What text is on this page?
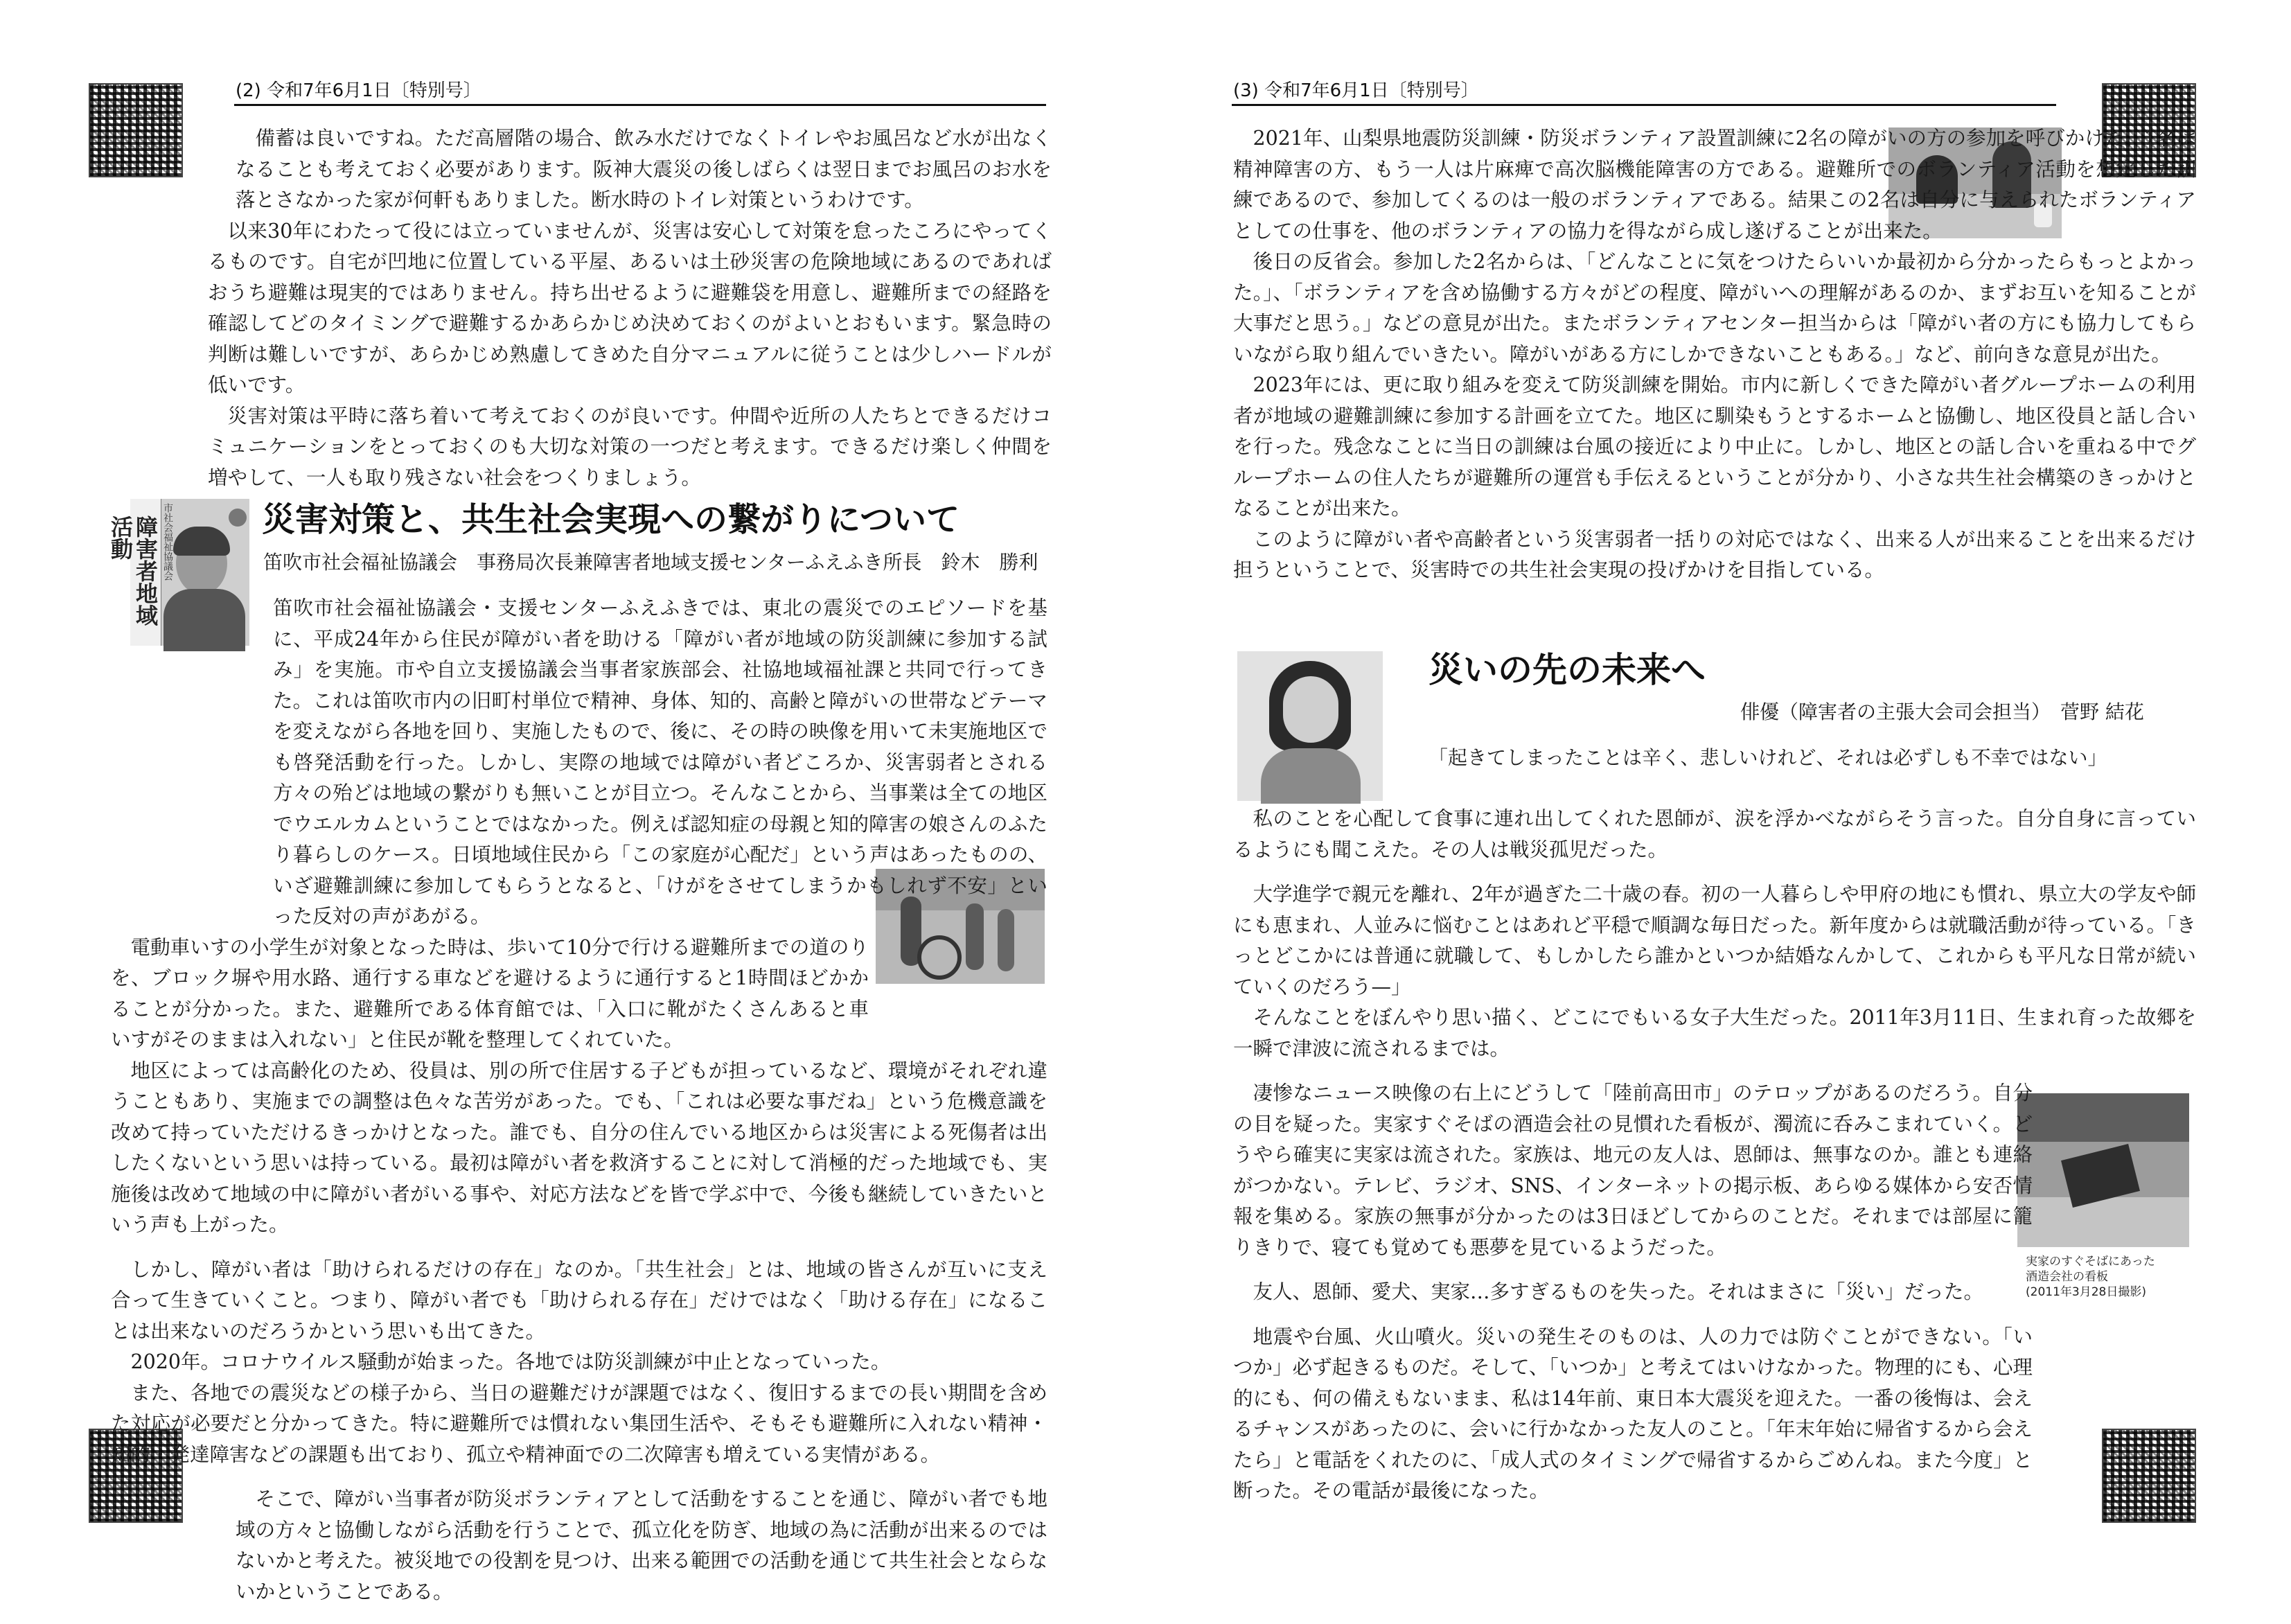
(2) 令和7年6月1日〔特別号〕

備蓄は良いですね。ただ高層階の場合、飲み水だけでなくトイレやお風呂など水が出なくなることも考えておく必要があります。阪神大震災の後しばらくは翌日までお風呂のお水を落とさなかった家が何軒もありました。断水時のトイレ対策というわけです。

以来30年にわたって役には立っていませんが、災害は安心して対策を怠ったころにやってくるものです。自宅が凹地に位置している平屋、あるいは土砂災害の危険地域にあるのであればおうち避難は現実的ではありません。持ち出せるように避難袋を用意し、避難所までの経路を確認してどのタイミングで避難するかあらかじめ決めておくのがよいとおもいます。緊急時の判断は難しいですが、あらかじめ熟慮してきめた自分マニュアルに従うことは少しハードルが低いです。

災害対策は平時に落ち着いて考えておくのが良いです。仲間や近所の人たちとできるだけコミュニケーションをとっておくのも大切な対策の一つだと考えます。できるだけ楽しく仲間を増やして、一人も取り残さない社会をつくりましょう。

障害者地域活動	市社会福祉協議会	災害対策と、共生社会実現への繋がりについて
笛吹市社会福祉協議会　事務局次長兼障害者地域支援センターふえふき所長　鈴木　勝利

笛吹市社会福祉協議会・支援センターふえふきでは、東北の震災でのエピソードを基に、平成24年から住民が障がい者を助ける「障がい者が地域の防災訓練に参加する試み」を実施。市や自立支援協議会当事者家族部会、社協地域福祉課と共同で行ってきた。これは笛吹市内の旧町村単位で精神、身体、知的、高齢と障がいの世帯などテーマを変えながら各地を回り、実施したもので、後に、その時の映像を用いて未実施地区でも啓発活動を行った。しかし、実際の地域では障がい者どころか、災害弱者とされる方々の殆どは地域の繋がりも無いことが目立つ。そんなことから、当事業は全ての地区でウエルカムということではなかった。例えば認知症の母親と知的障害の娘さんのふたり暮らしのケース。日頃地域住民から「この家庭が心配だ」という声はあったものの、いざ避難訓練に参加してもらうとなると、「けがをさせてしまうかもしれず不安」といった反対の声があがる。

電動車いすの小学生が対象となった時は、歩いて10分で行ける避難所までの道のりを、ブロック塀や用水路、通行する車などを避けるように通行すると1時間ほどかかることが分かった。また、避難所である体育館では、「入口に靴がたくさんあると車いすがそのままは入れない」と住民が靴を整理してくれていた。

地区によっては高齢化のため、役員は、別の所で住居する子どもが担っているなど、環境がそれぞれ違うこともあり、実施までの調整は色々な苦労があった。でも、「これは必要な事だね」という危機意識を改めて持っていただけるきっかけとなった。誰でも、自分の住んでいる地区からは災害による死傷者は出したくないという思いは持っている。最初は障がい者を救済することに対して消極的だった地域でも、実施後は改めて地域の中に障がい者がいる事や、対応方法などを皆で学ぶ中で、今後も継続していきたいという声も上がった。

しかし、障がい者は「助けられるだけの存在」なのか。「共生社会」とは、地域の皆さんが互いに支え合って生きていくこと。つまり、障がい者でも「助けられる存在」だけではなく「助ける存在」になることは出来ないのだろうかという思いも出てきた。

2020年。コロナウイルス騒動が始まった。各地では防災訓練が中止となっていった。

また、各地での震災などの様子から、当日の避難だけが課題ではなく、復旧するまでの長い期間を含めた対応が必要だと分かってきた。特に避難所では慣れない集団生活や、そもそも避難所に入れない精神・知的・発達障害などの課題も出ており、孤立や精神面での二次障害も増えている実情がある。

そこで、障がい当事者が防災ボランティアとして活動をすることを通じ、障がい者でも地域の方々と協働しながら活動を行うことで、孤立化を防ぎ、地域の為に活動が出来るのではないかと考えた。被災地での役割を見つけ、出来る範囲での活動を通じて共生社会とならないかということである。

(3) 令和7年6月1日〔特別号〕

2021年、山梨県地震防災訓練・防災ボランティア設置訓練に2名の障がいの方の参加を呼びかけた。1名は精神障害の方、もう一人は片麻痺で高次脳機能障害の方である。避難所でのボランティア活動を想定した訓練であるので、参加してくるのは一般のボランティアである。結果この2名は自分に与えられたボランティアとしての仕事を、他のボランティアの協力を得ながら成し遂げることが出来た。

後日の反省会。参加した2名からは、「どんなことに気をつけたらいいか最初から分かったらもっとよかった。」、「ボランティアを含め協働する方々がどの程度、障がいへの理解があるのか、まずお互いを知ることが大事だと思う。」などの意見が出た。またボランティアセンター担当からは「障がい者の方にも協力してもらいながら取り組んでいきたい。障がいがある方にしかできないこともある。」など、前向きな意見が出た。

2023年には、更に取り組みを変えて防災訓練を開始。市内に新しくできた障がい者グループホームの利用者が地域の避難訓練に参加する計画を立てた。地区に馴染もうとするホームと協働し、地区役員と話し合いを行った。残念なことに当日の訓練は台風の接近により中止に。しかし、地区との話し合いを重ねる中でグループホームの住人たちが避難所の運営も手伝えるということが分かり、小さな共生社会構築のきっかけとなることが出来た。

このように障がい者や高齢者という災害弱者一括りの対応ではなく、出来る人が出来ることを出来るだけ担うということで、災害時での共生社会実現の投げかけを目指している。

災いの先の未来へ
俳優（障害者の主張大会司会担当）　菅野 結花
「起きてしまったことは辛く、悲しいけれど、それは必ずしも不幸ではない」
実家のすぐそばにあった
酒造会社の看板
(2011年3月28日撮影)

私のことを心配して食事に連れ出してくれた恩師が、涙を浮かべながらそう言った。自分自身に言っているようにも聞こえた。その人は戦災孤児だった。

大学進学で親元を離れ、2年が過ぎた二十歳の春。初の一人暮らしや甲府の地にも慣れ、県立大の学友や師にも恵まれ、人並みに悩むことはあれど平穏で順調な毎日だった。新年度からは就職活動が待っている。「きっとどこかには普通に就職して、もしかしたら誰かといつか結婚なんかして、これからも平凡な日常が続いていくのだろう—」

そんなことをぼんやり思い描く、どこにでもいる女子大生だった。2011年3月11日、生まれ育った故郷を一瞬で津波に流されるまでは。

凄惨なニュース映像の右上にどうして「陸前高田市」のテロップがあるのだろう。自分の目を疑った。実家すぐそばの酒造会社の見慣れた看板が、濁流に呑みこまれていく。どうやら確実に実家は流された。家族は、地元の友人は、恩師は、無事なのか。誰とも連絡がつかない。テレビ、ラジオ、SNS、インターネットの掲示板、あらゆる媒体から安否情報を集める。家族の無事が分かったのは3日ほどしてからのことだ。それまでは部屋に籠りきりで、寝ても覚めても悪夢を見ているようだった。

友人、恩師、愛犬、実家…多すぎるものを失った。それはまさに「災い」だった。

地震や台風、火山噴火。災いの発生そのものは、人の力では防ぐことができない。「いつか」必ず起きるものだ。そして、「いつか」と考えてはいけなかった。物理的にも、心理的にも、何の備えもないまま、私は14年前、東日本大震災を迎えた。一番の後悔は、会えるチャンスがあったのに、会いに行かなかった友人のこと。「年末年始に帰省するから会えたら」と電話をくれたのに、「成人式のタイミングで帰省するからごめんね。また今度」と断った。その電話が最後になった。
